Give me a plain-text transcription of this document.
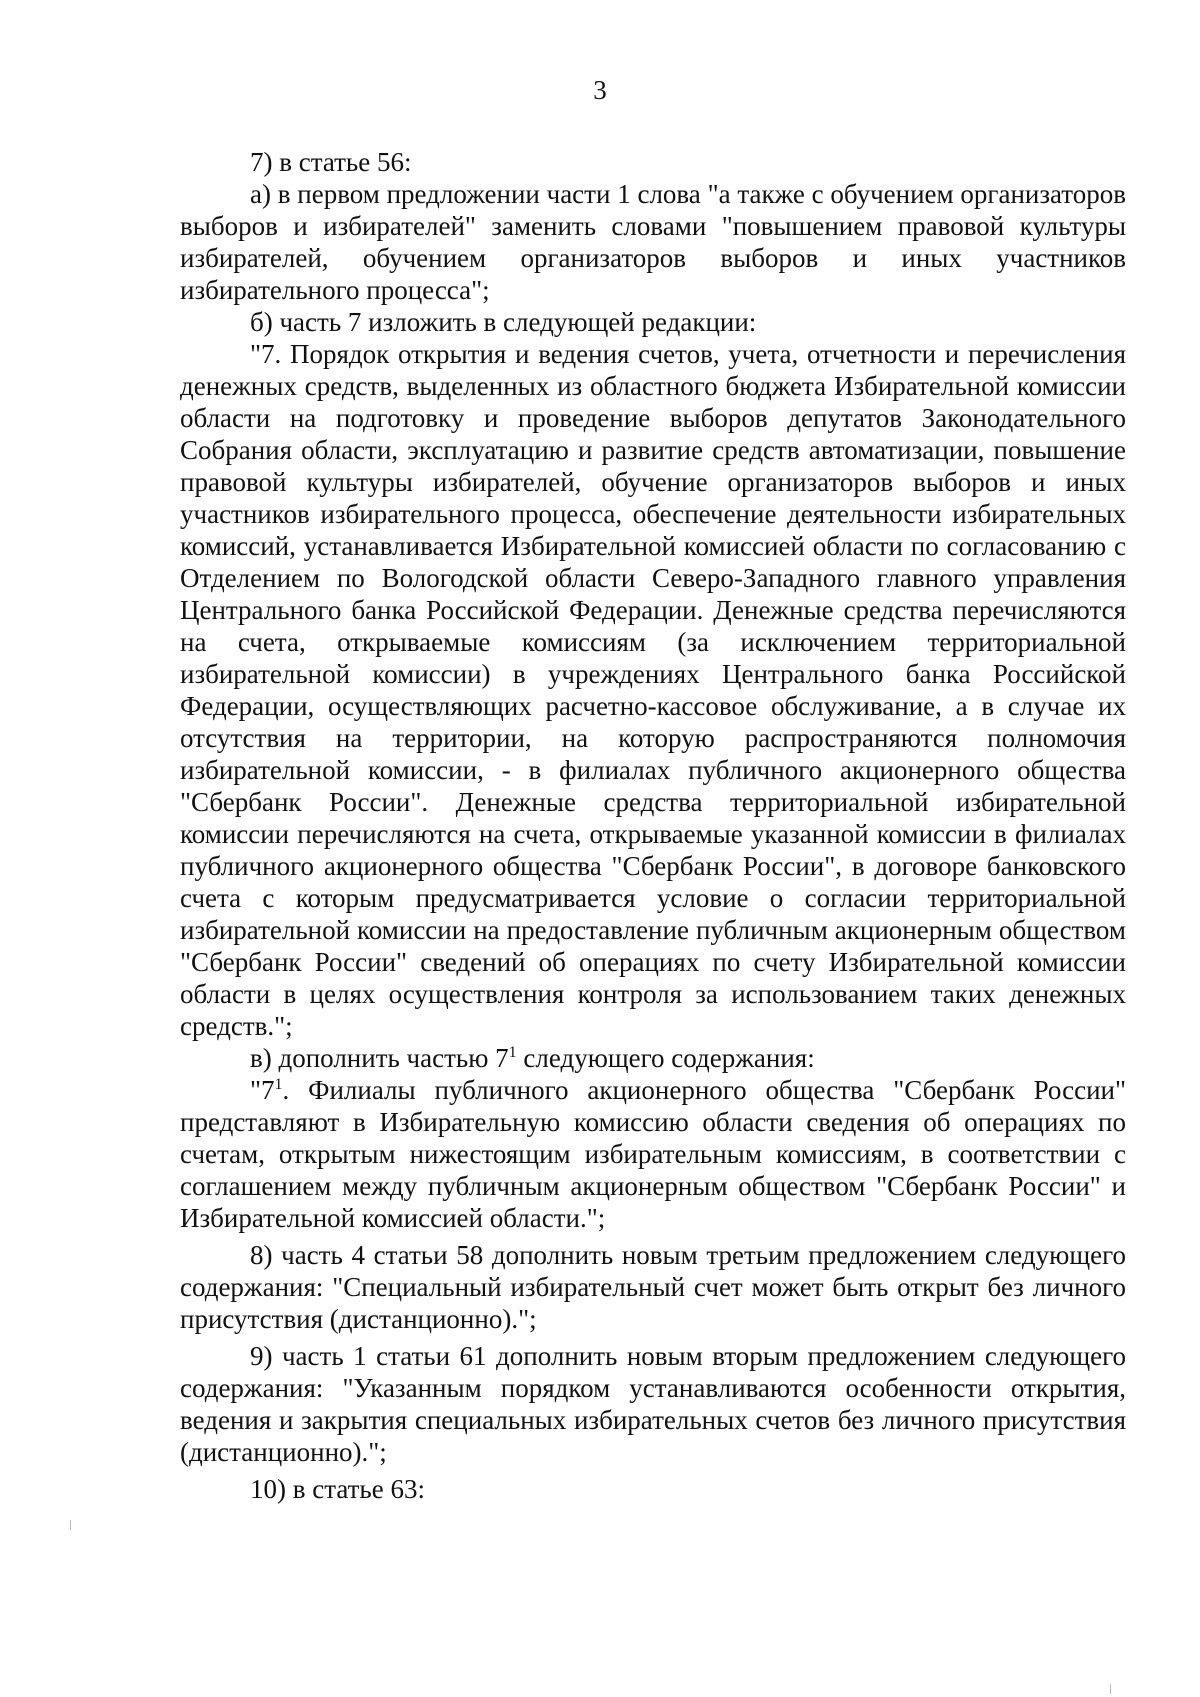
3

7) в статье 56:

а) в первом предложении части 1 слова "а также с обучением организаторов выборов и избирателей" заменить словами "повышением правовой культуры избирателей, обучением организаторов выборов и иных участников избирательного процесса";

б) часть 7 изложить в следующей редакции:

"7. Порядок открытия и ведения счетов, учета, отчетности и перечисления денежных средств, выделенных из областного бюджета Избирательной комиссии области на подготовку и проведение выборов депутатов Законодательного Собрания области, эксплуатацию и развитие средств автоматизации, повышение правовой культуры избирателей, обучение организаторов выборов и иных участников избирательного процесса, обеспечение деятельности избирательных комиссий, устанавливается Избирательной комиссией области по согласованию с Отделением по Вологодской области Северо-Западного главного управления Центрального банка Российской Федерации. Денежные средства перечисляются на счета, открываемые комиссиям (за исключением территориальной избирательной комиссии) в учреждениях Центрального банка Российской Федерации, осуществляющих расчетно-кассовое обслуживание, а в случае их отсутствия на территории, на которую распространяются полномочия избирательной комиссии, - в филиалах публичного акционерного общества "Сбербанк России". Денежные средства территориальной избирательной комиссии перечисляются на счета, открываемые указанной комиссии в филиалах публичного акционерного общества "Сбербанк России", в договоре банковского счета с которым предусматривается условие о согласии территориальной избирательной комиссии на предоставление публичным акционерным обществом "Сбербанк России" сведений об операциях по счету Избирательной комиссии области в целях осуществления контроля за использованием таких денежных средств.";

в) дополнить частью $7^1$ следующего содержания:

"$7^1$. Филиалы публичного акционерного общества "Сбербанк России" представляют в Избирательную комиссию области сведения об операциях по счетам, открытым нижестоящим избирательным комиссиям, в соответствии с соглашением между публичным акционерным обществом "Сбербанк России" и Избирательной комиссией области.";

8) часть 4 статьи 58 дополнить новым третьим предложением следующего содержания: "Специальный избирательный счет может быть открыт без личного присутствия (дистанционно).";

9) часть 1 статьи 61 дополнить новым вторым предложением следующего содержания: "Указанным порядком устанавливаются особенности открытия, ведения и закрытия специальных избирательных счетов без личного присутствия (дистанционно).";

10) в статье 63:
